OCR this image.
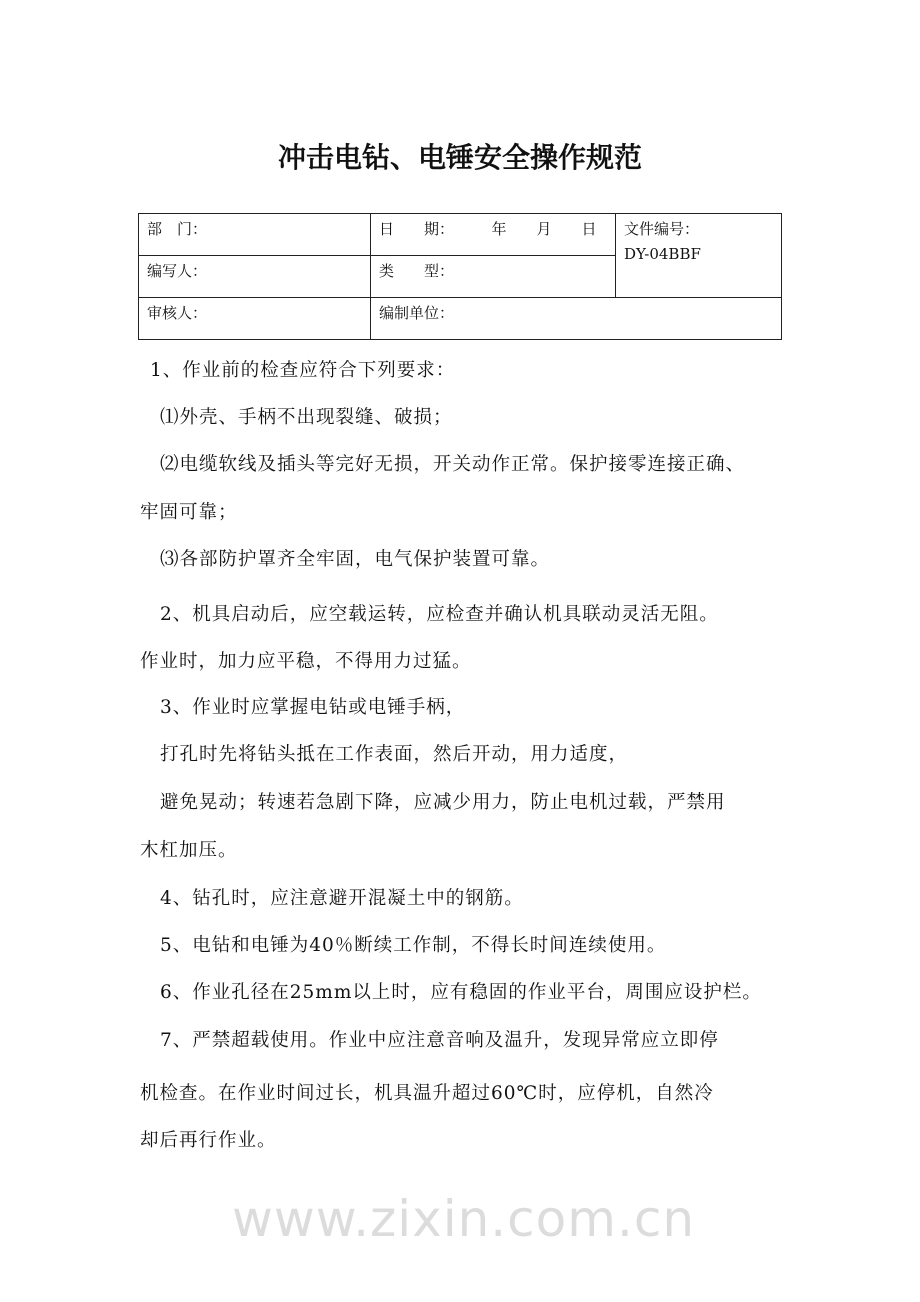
冲击电钻、电锤安全操作规范
部　门：	日　　期：　　　年　　月　　日	文件编号：
DY-04BBF

编写人：	类　　型：	
审核人：	编制单位：	
1、作业前的检查应符合下列要求：
⑴外壳、手柄不出现裂缝、破损；
⑵电缆软线及插头等完好无损，开关动作正常。保护接零连接正确、
牢固可靠；
⑶各部防护罩齐全牢固，电气保护装置可靠。
2、机具启动后，应空载运转，应检查并确认机具联动灵活无阻。
作业时，加力应平稳，不得用力过猛。
3、作业时应掌握电钻或电锤手柄，
打孔时先将钻头抵在工作表面，然后开动，用力适度，
避免晃动；转速若急剧下降，应减少用力，防止电机过载，严禁用
木杠加压。
4、钻孔时，应注意避开混凝土中的钢筋。
5、电钻和电锤为40％断续工作制，不得长时间连续使用。
6、作业孔径在25mm以上时，应有稳固的作业平台，周围应设护栏。
7、严禁超载使用。作业中应注意音响及温升，发现异常应立即停
机检查。在作业时间过长，机具温升超过60℃时，应停机，自然冷
却后再行作业。
www.zixin.com.cn
